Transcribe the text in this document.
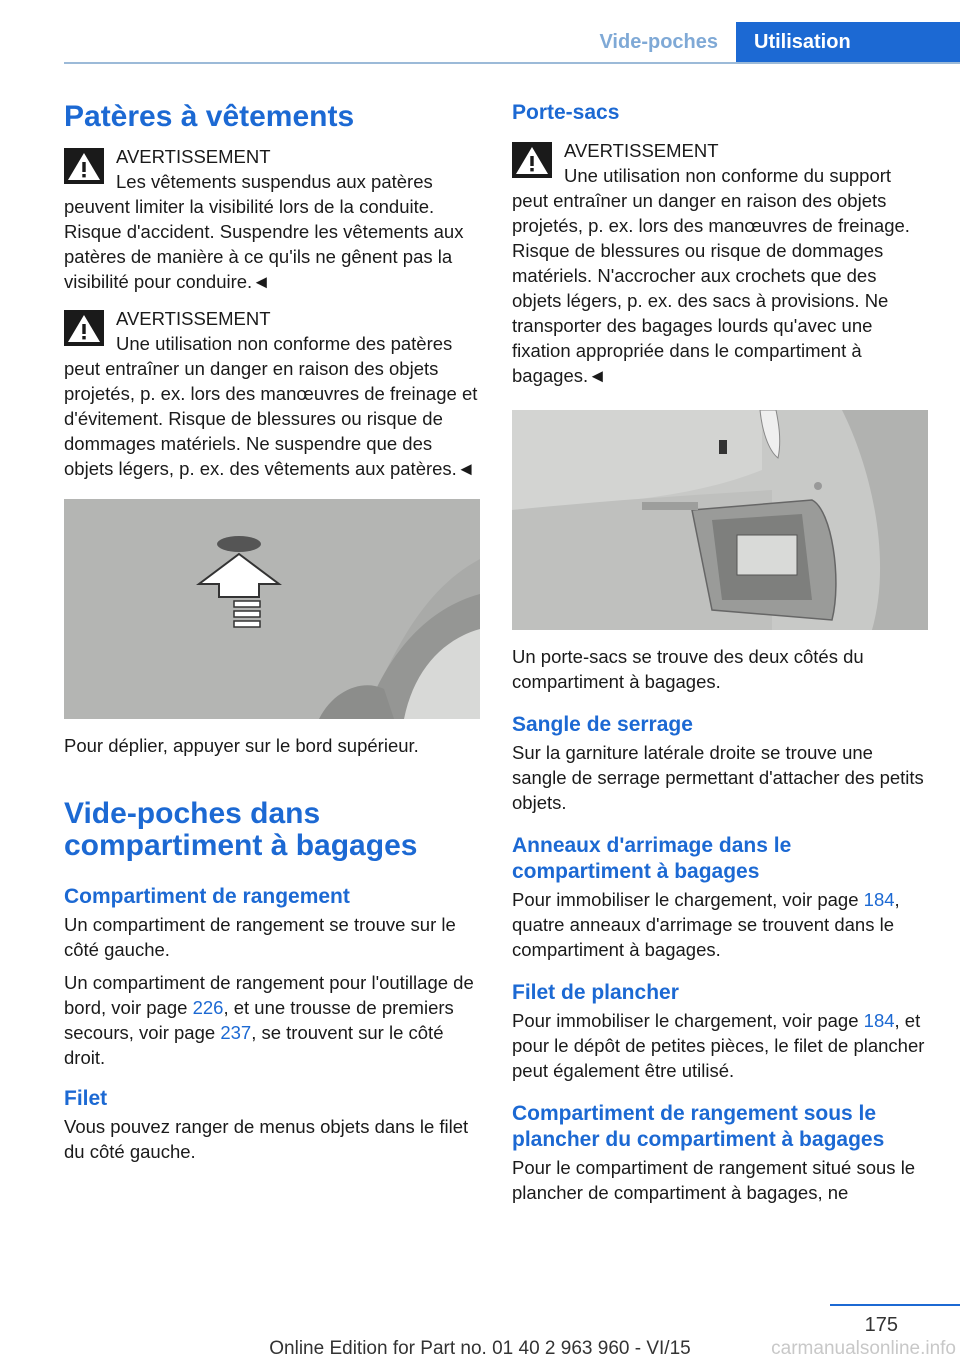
Vide-poches	Utilisation
Patères à vêtements
AVERTISSEMENT
Les vêtements suspendus aux patères
peuvent limiter la visibilité lors de la conduite. Risque d'accident. Suspendre les vêtements aux patères de manière à ce qu'ils ne gênent pas la visibilité pour conduire.◄
AVERTISSEMENT
Une utilisation non conforme des patères
peut entraîner un danger en raison des objets projetés, p. ex. lors des manœuvres de freinage et d'évitement. Risque de blessures ou risque de dommages matériels. Ne suspendre que des objets légers, p. ex. des vêtements aux patères.◄

Pour déplier, appuyer sur le bord supérieur.

Vide-poches dans compartiment à bagages
Compartiment de rangement

Un compartiment de rangement se trouve sur le côté gauche.

Un compartiment de rangement pour l'outillage de bord, voir page 226, et une trousse de premiers secours, voir page 237, se trouvent sur le côté droit.

Filet

Vous pouvez ranger de menus objets dans le filet du côté gauche.

Porte-sacs
AVERTISSEMENT
Une utilisation non conforme du support
peut entraîner un danger en raison des objets projetés, p. ex. lors des manœuvres de freinage. Risque de blessures ou risque de dommages matériels. N'accrocher aux crochets que des objets légers, p. ex. des sacs à provisions. Ne transporter des bagages lourds qu'avec une fixation appropriée dans le compartiment à bagages.◄

Un porte-sacs se trouve des deux côtés du compartiment à bagages.

Sangle de serrage

Sur la garniture latérale droite se trouve une sangle de serrage permettant d'attacher des petits objets.

Anneaux d'arrimage dans le compartiment à bagages

Pour immobiliser le chargement, voir page 184, quatre anneaux d'arrimage se trouvent dans le compartiment à bagages.

Filet de plancher

Pour immobiliser le chargement, voir page 184, et pour le dépôt de petites pièces, le filet de plancher peut également être utilisé.

Compartiment de rangement sous le plancher du compartiment à bagages

Pour le compartiment de rangement situé sous le plancher de compartiment à bagages, ne

175
Online Edition for Part no. 01 40 2 963 960 - VI/15	carmanualsonline.info
